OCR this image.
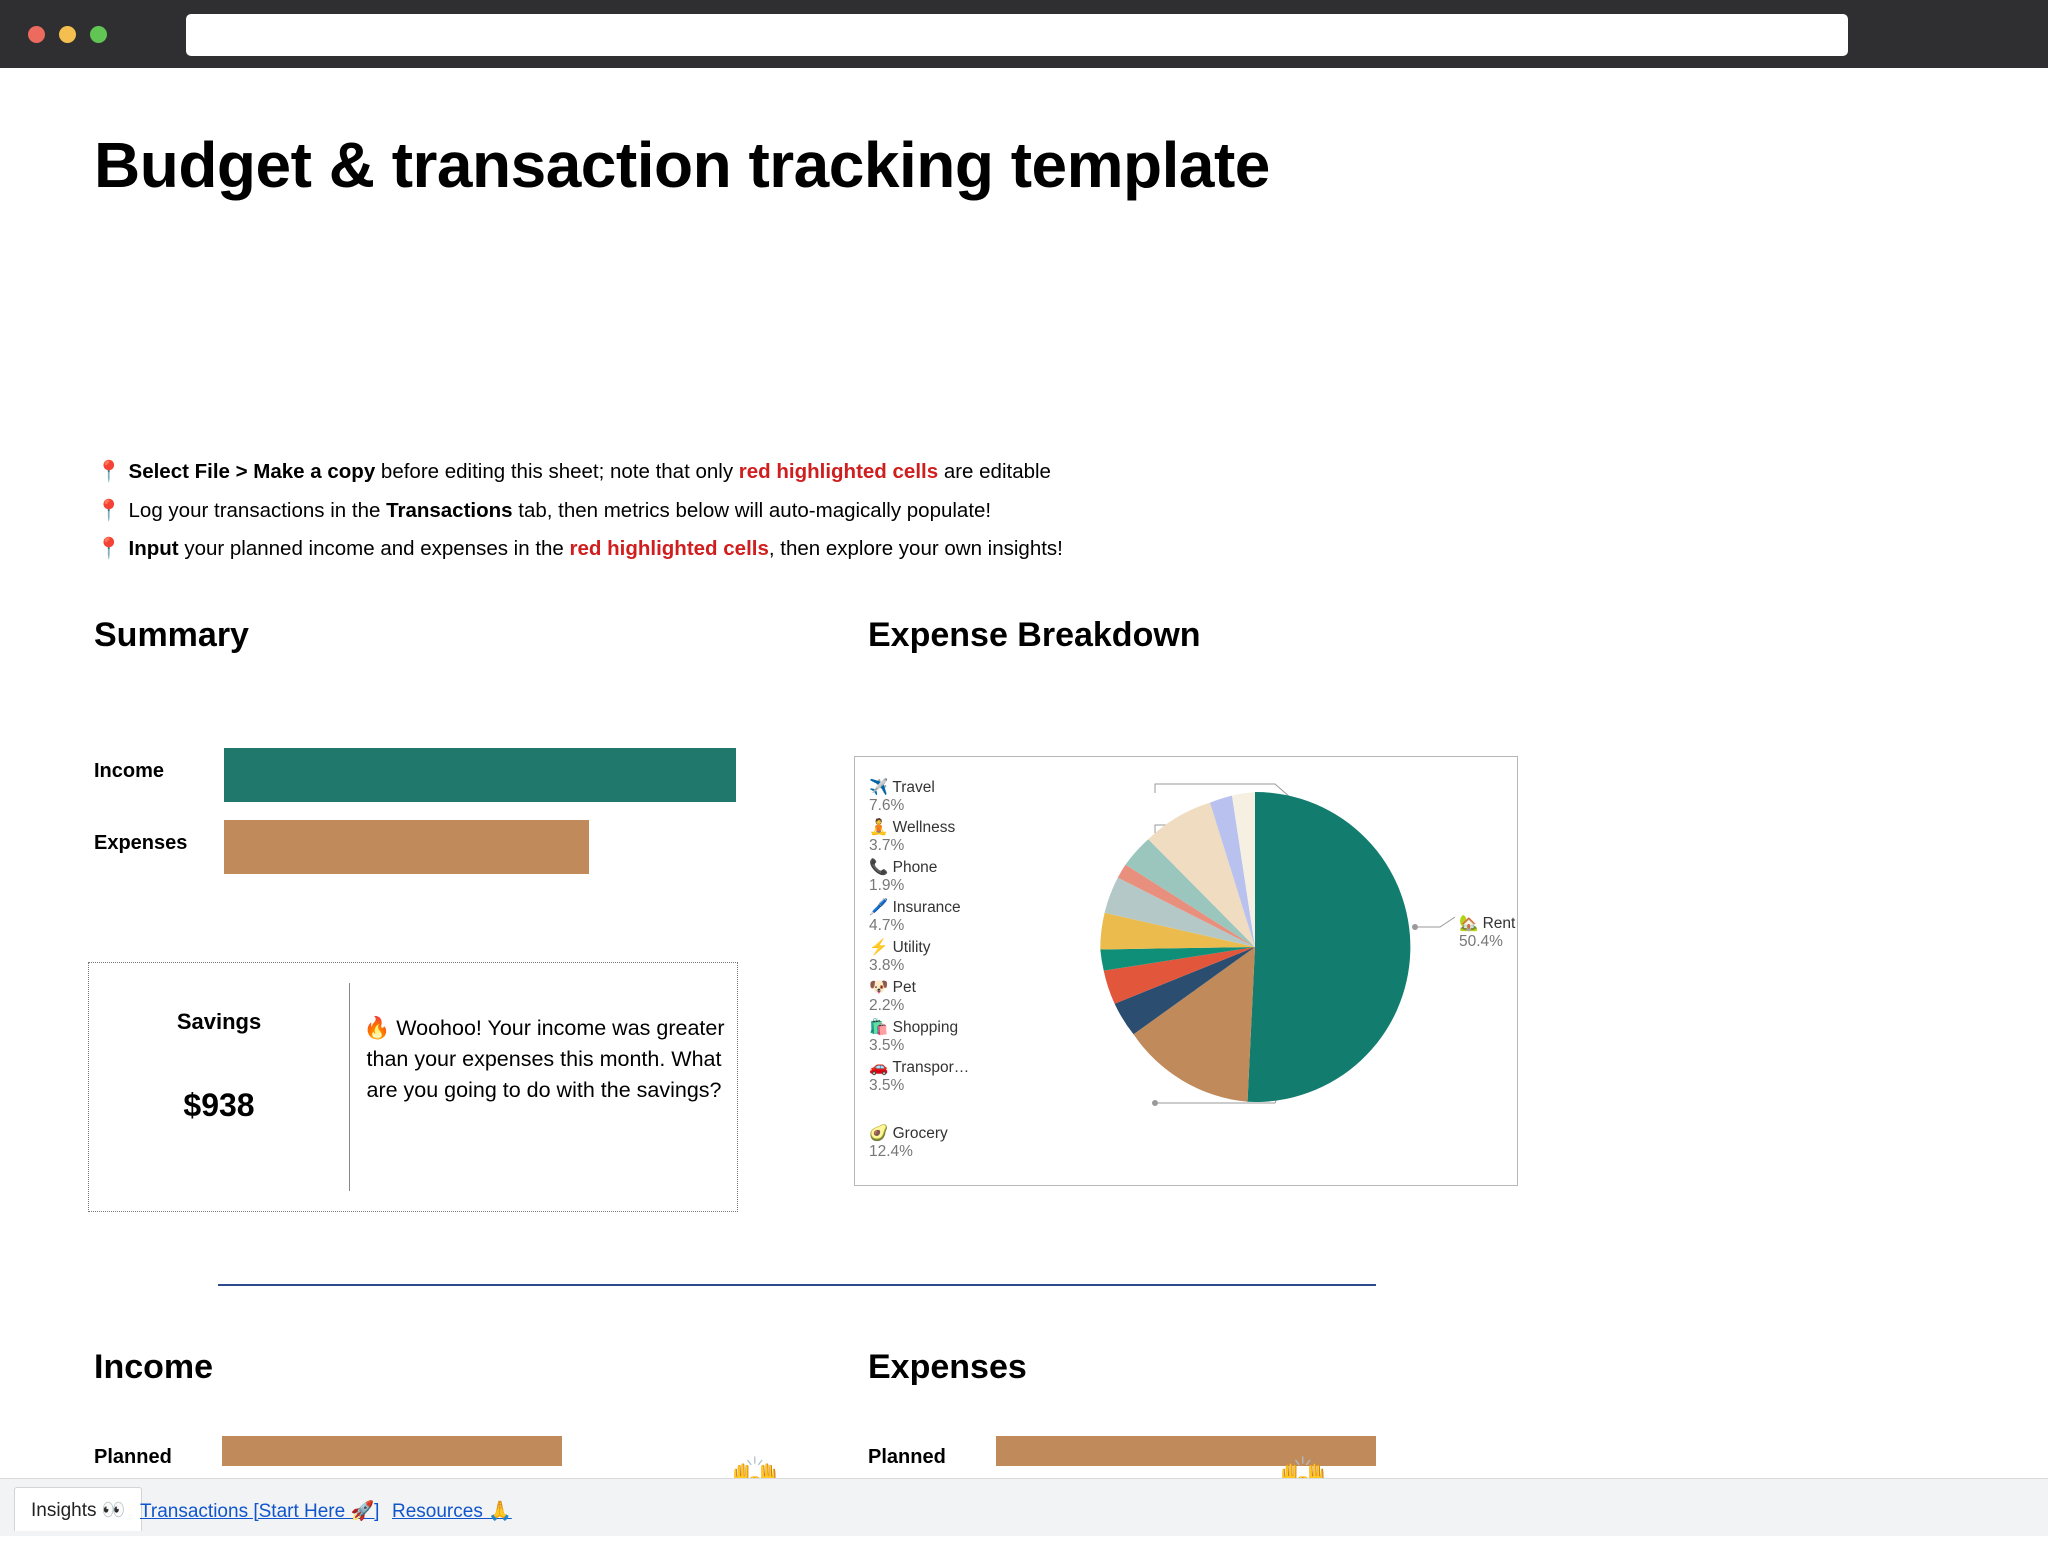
Budget & transaction tracking template
📍 Select File > Make a copy before editing this sheet; note that only red highlighted cells are editable
📍 Log your transactions in the Transactions tab, then metrics below will auto-magically populate!
📍 Input your planned income and expenses in the red highlighted cells, then explore your own insights!
Summary	Expense Breakdown
Income	Expenses
Income
Expenses
Savings
$938
🔥 Woohoo! Your income was greater than your expenses this month. What are you going to do with the savings?
✈️ Travel
7.6%
🧘 Wellness
3.7%
📞 Phone
1.9%
🖊️ Insurance
4.7%
⚡ Utility
3.8%
🐶 Pet
2.2%
🛍️ Shopping
3.5%
🚗 Transpor…
3.5%
🥑 Grocery
12.4%
🏡 Rent
50.4%
Planned	Planned
Insights 👀 Transactions [Start Here 🚀] Resources 🙏
